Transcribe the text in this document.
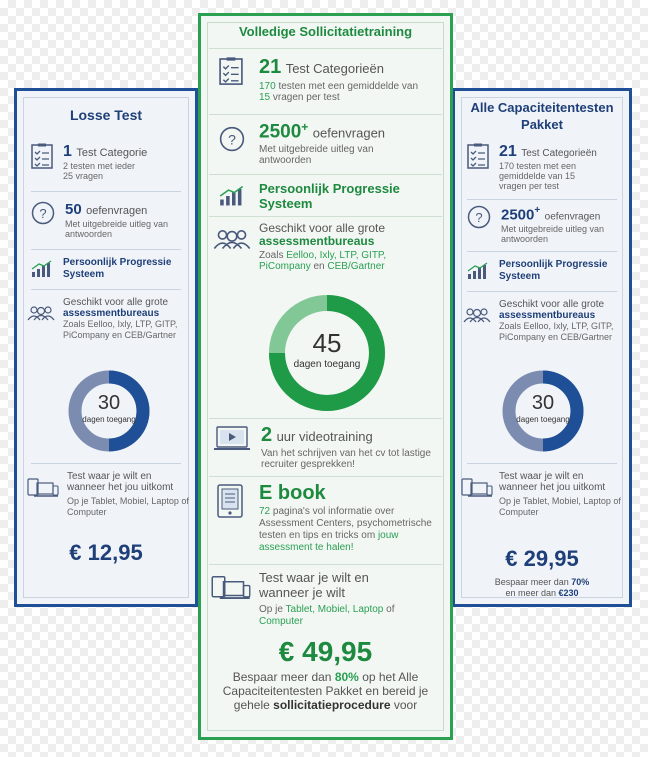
Losse Test
1 Test Categorie
2 testen met ieder 25 vragen
? 50 oefenvragen
Met uitgebreide uitleg van antwoorden
Persoonlijk Progressie Systeem
Geschikt voor alle grote
assessmentbureaus
Zoals Eelloo, Ixly, LTP, GITP, PiCompany en CEB/Gartner
30
dagen toegang
Test waar je wilt en wanneer het jou uitkomt
Op je Tablet, Mobiel, Laptop of Computer
€ 12,95
Alle Capaciteitentesten Pakket
21 Test Categorieën
170 testen met een gemiddelde van 15 vragen per test
? 2500+ oefenvragen
Met uitgebreide uitleg van antwoorden
Persoonlijk Progressie Systeem
Geschikt voor alle grote
assessmentbureaus
Zoals Eelloo, Ixly, LTP, GITP, PiCompany en CEB/Gartner
30
dagen toegang
Test waar je wilt en wanneer het jou uitkomt
Op je Tablet, Mobiel, Laptop of Computer
€ 29,95
Bespaar meer dan 70%
en meer dan €230
Volledige Sollicitatietraining
21 Test Categorieën
170 testen met een gemiddelde van 15 vragen per test
? 2500+ oefenvragen
Met uitgebreide uitleg van antwoorden
Persoonlijk Progressie Systeem
Geschikt voor alle grote
assessmentbureaus
Zoals Eelloo, Ixly, LTP, GITP, PiCompany en CEB/Gartner
45
dagen toegang
2 uur videotraining
Van het schrijven van het cv tot lastige recruiter gesprekken!
E book
72 pagina's vol informatie over Assessment Centers, psychometrische testen en tips en tricks om jouw assessment te halen!
Test waar je wilt en wanneer je wilt
Op je Tablet, Mobiel, Laptop of Computer
€ 49,95
Bespaar meer dan 80% op het Alle Capaciteitentesten Pakket en bereid je gehele sollicitatieprocedure voor
